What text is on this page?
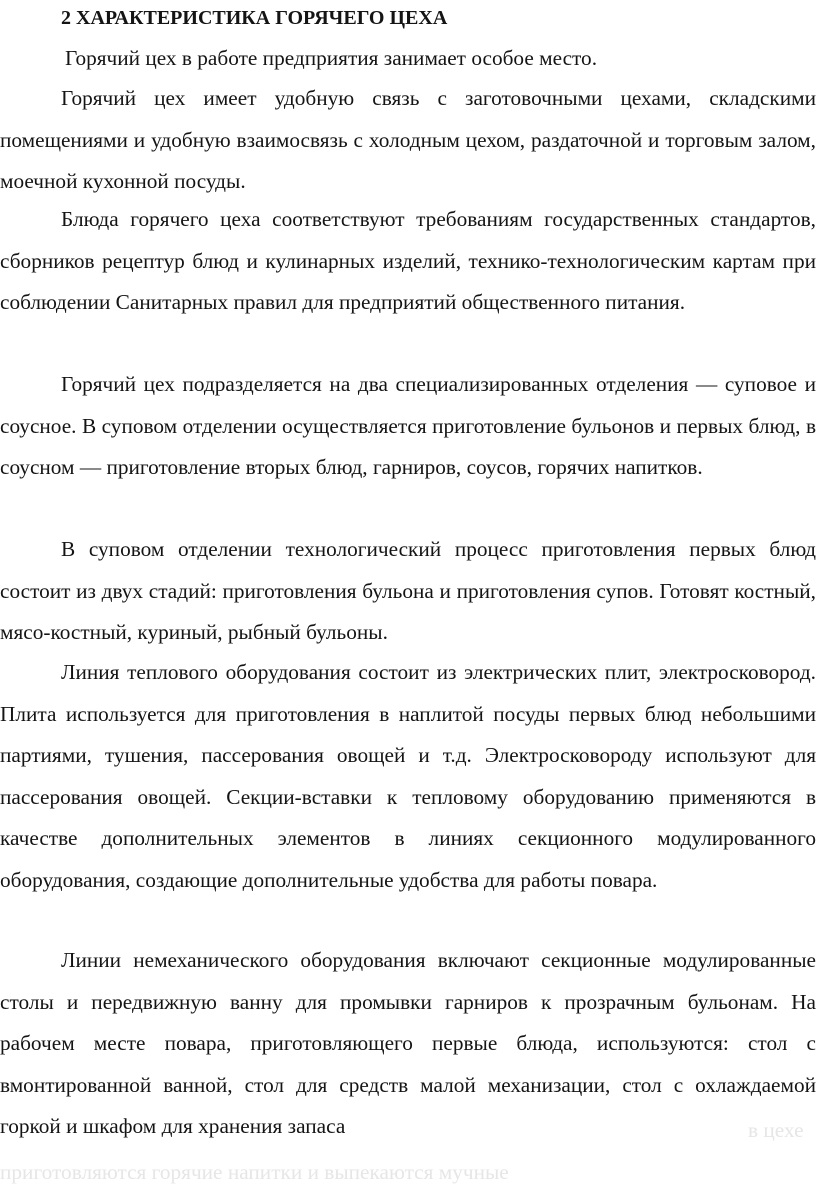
2 ХАРАКТЕРИСТИКА ГОРЯЧЕГО ЦЕХА

Горячий цех в работе предприятия занимает особое место.

Горячий цех имеет удобную связь с заготовочными цехами, складскими помещениями и удобную взаимосвязь с холодным цехом, раздаточной и торговым залом, моечной кухонной посуды.

Блюда горячего цеха соответствуют требованиям государственных стандартов, сборников рецептур блюд и кулинарных изделий, технико-технологическим картам при соблюдении Санитарных правил для предприятий общественного питания.

Горячий цех подразделяется на два специализированных отделения — суповое и соусное. В суповом отделении осуществляется приготовление бульонов и первых блюд, в соусном — приготовление вторых блюд, гарниров, соусов, горячих напитков.

В суповом отделении технологический процесс приготовления первых блюд состоит из двух стадий: приготовления бульона и приготовления супов. Готовят костный, мясо-костный, куриный, рыбный бульоны.

Линия теплового оборудования состоит из электрических плит, электросковород. Плита используется для приготовления в наплитой посуды первых блюд небольшими партиями, тушения, пассерования овощей и т.д. Электросковороду используют для пассерования овощей. Секции-вставки к тепловому оборудованию применяются в качестве дополнительных элементов в линиях секционного модулированного оборудования, создающие дополнительные удобства для работы повара.

Линии немеханического оборудования включают секционные модулированные столы и передвижную ванну для промывки гарниров к прозрачным бульонам. На рабочем месте повара, приготовляющего первые блюда, используются: стол с вмонтированной ванной, стол для средств малой механизации, стол с охлаждаемой горкой и шкафом для хранения запаса	в цехе
приготовляются горячие напитки и выпекаются мучные
